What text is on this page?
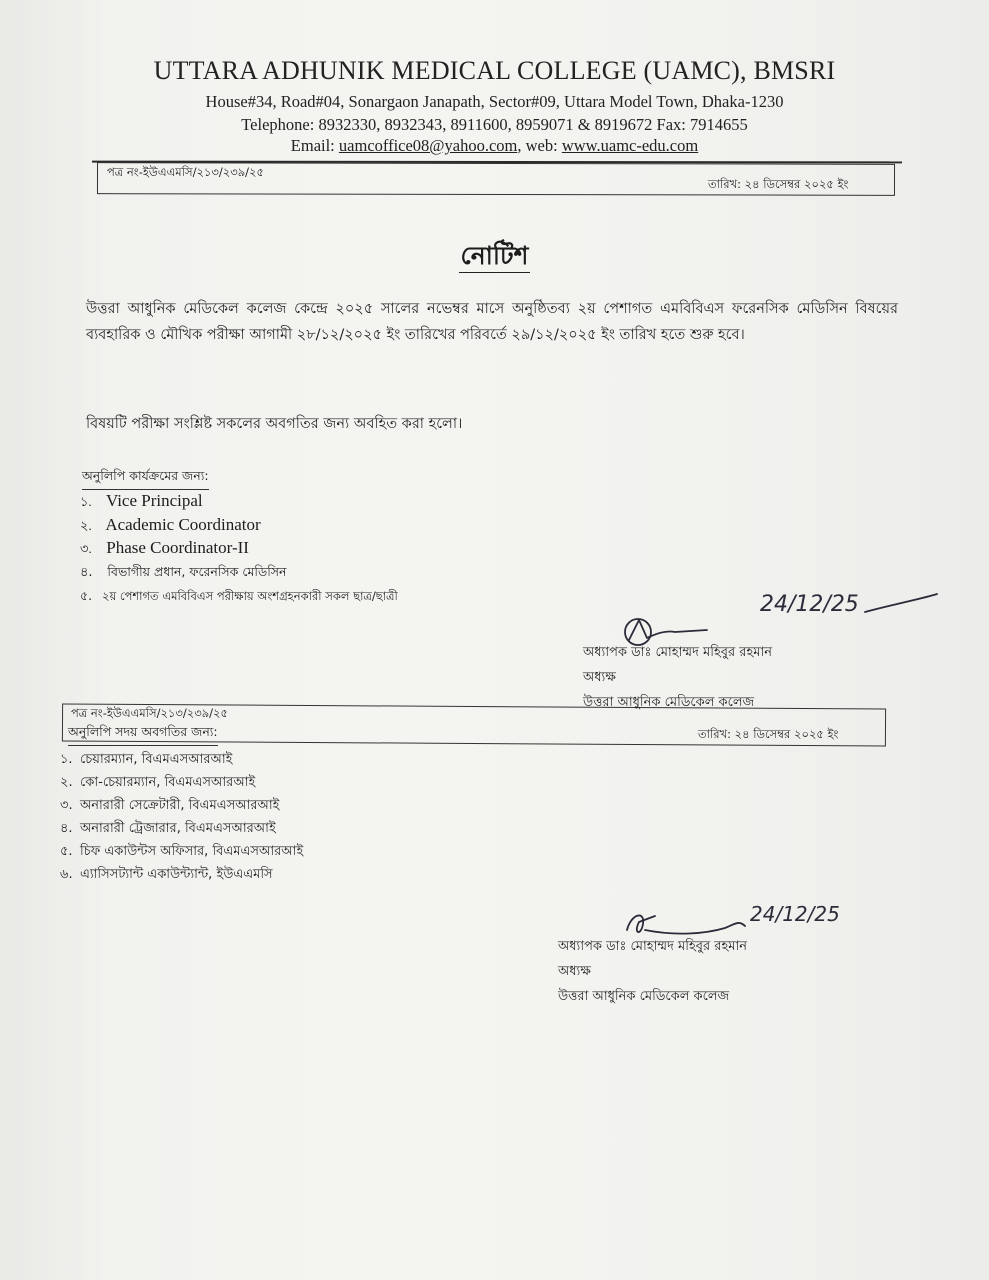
UTTARA ADHUNIK MEDICAL COLLEGE (UAMC), BMSRI
House#34, Road#04, Sonargaon Janapath, Sector#09, Uttara Model Town, Dhaka-1230
Telephone: 8932330, 8932343, 8911600, 8959071 & 8919672 Fax: 7914655
Email: uamcoffice08@yahoo.com, web: www.uamc-edu.com
পত্র নং-ইউএএমসি/২১৩/২৩৯/২৫
তারিখ: ২৪ ডিসেম্বর ২০২৫ ইং
নোটিশ
উত্তরা আধুনিক মেডিকেল কলেজ কেন্দ্রে ২০২৫ সালের নভেম্বর মাসে অনুষ্ঠিতব্য ২য় পেশাগত এমবিবিএস ফরেনসিক মেডিসিন বিষয়ের ব্যবহারিক ও মৌখিক পরীক্ষা আগামী ২৮/১২/২০২৫ ইং তারিখের পরিবর্তে ২৯/১২/২০২৫ ইং তারিখ হতে শুরু হবে।
বিষয়টি পরীক্ষা সংশ্লিষ্ট সকলের অবগতির জন্য অবহিত করা হলো।
অনুলিপি কার্যক্রমের জন্য:
১. Vice Principal
২. Academic Coordinator
৩. Phase Coordinator-II
৪. বিভাগীয় প্রধান, ফরেনসিক মেডিসিন
৫. ২য় পেশাগত এমবিবিএস পরীক্ষায় অংশগ্রহনকারী সকল ছাত্র/ছাত্রী	24/12/25
অধ্যাপক ডাঃ মোহাম্মদ মহিবুর রহমান
অধ্যক্ষ
উত্তরা আধুনিক মেডিকেল কলেজ
পত্র নং-ইউএএমসি/২১৩/২৩৯/২৫
তারিখ: ২৪ ডিসেম্বর ২০২৫ ইং
অনুলিপি সদয় অবগতির জন্য:
১. চেয়ারম্যান, বিএমএসআরআই
২. কো-চেয়ারম্যান, বিএমএসআরআই
৩. অনারারী সেক্রেটারী, বিএমএসআরআই
৪. অনারারী ট্রেজারার, বিএমএসআরআই
৫. চিফ একাউন্টস অফিসার, বিএমএসআরআই
৬. এ্যাসিসট্যান্ট একাউন্ট্যান্ট, ইউএএমসি
24/12/25
অধ্যাপক ডাঃ মোহাম্মদ মহিবুর রহমান
অধ্যক্ষ
উত্তরা আধুনিক মেডিকেল কলেজ
